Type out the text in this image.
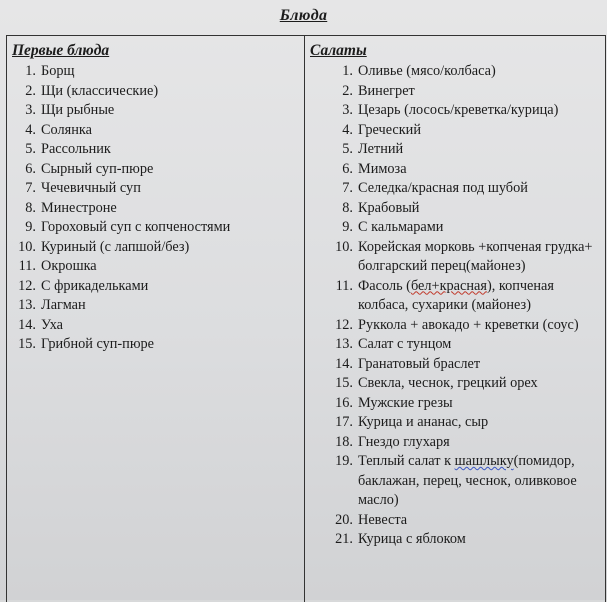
Блюда
Первые блюда
1. Борщ
2. Щи (классические)
3. Щи рыбные
4. Солянка
5. Рассольник
6. Сырный суп-пюре
7. Чечевичный суп
8. Минестроне
9. Гороховый суп с копченостями
10. Куриный (с лапшой/без)
11. Окрошка
12. С фрикадельками
13. Лагман
14. Уха
15. Грибной суп-пюре
Салаты
1. Оливье (мясо/колбаса)
2. Винегрет
3. Цезарь (лосось/креветка/курица)
4. Греческий
5. Летний
6. Мимоза
7. Селедка/красная под шубой
8. Крабовый
9. С кальмарами
10. Корейская морковь +копченая грудка+ болгарский перец(майонез)
11. Фасоль (бел+красная), копченая колбаса, сухарики (майонез)
12. Руккола + авокадо + креветки (соус)
13. Салат с тунцом
14. Гранатовый браслет
15. Свекла, чеснок, грецкий орех
16. Мужские грезы
17. Курица и ананас, сыр
18. Гнездо глухаря
19. Теплый салат к шашлыку(помидор, баклажан, перец, чеснок, оливковое масло)
20. Невеста
21. Курица с яблоком
